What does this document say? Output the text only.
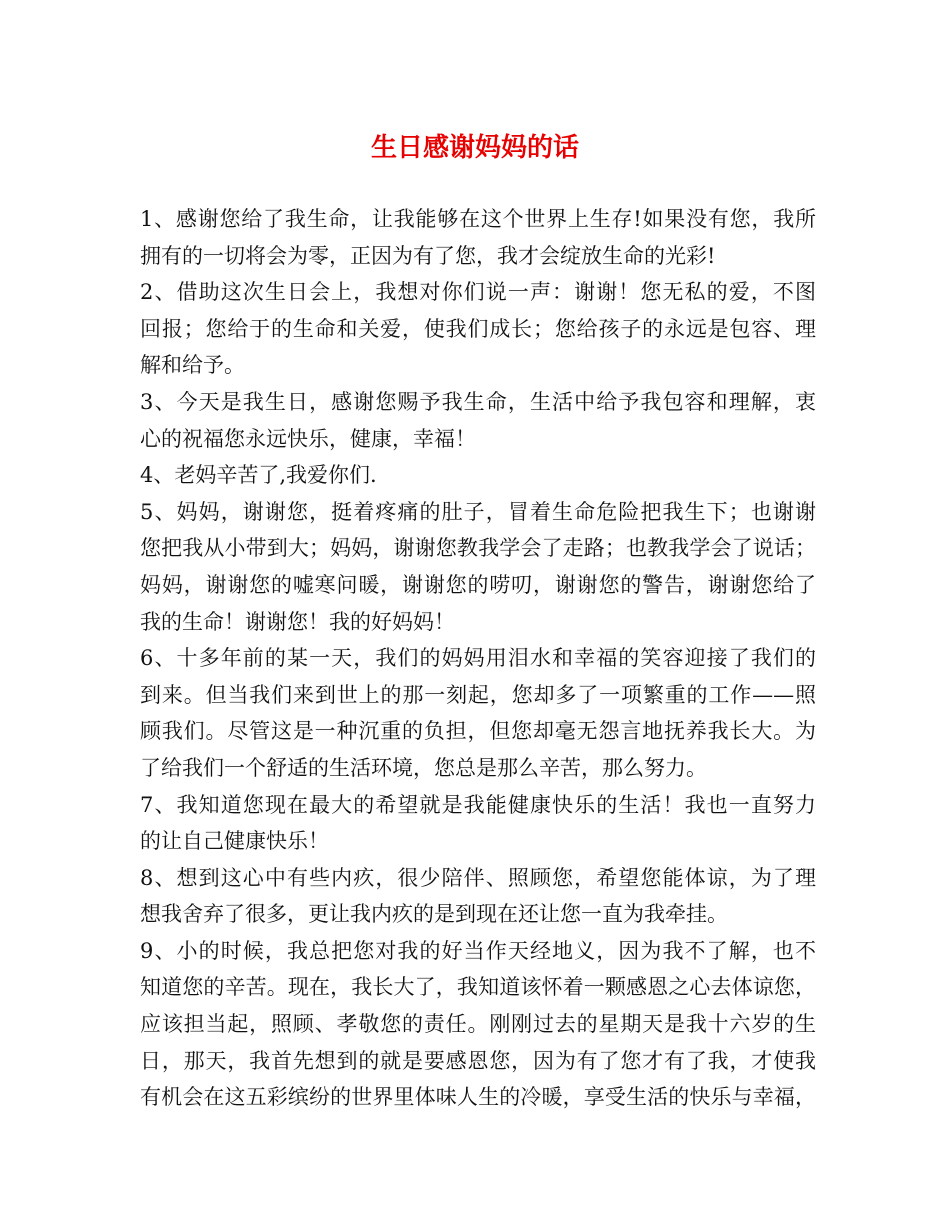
生日感谢妈妈的话
1、感谢您给了我生命，让我能够在这个世界上生存!如果没有您，我所
拥有的一切将会为零，正因为有了您，我才会绽放生命的光彩!
2、借助这次生日会上，我想对你们说一声：谢谢！您无私的爱，不图
回报；您给于的生命和关爱，使我们成长；您给孩子的永远是包容、理
解和给予。
3、今天是我生日，感谢您赐予我生命，生活中给予我包容和理解，衷
心的祝福您永远快乐，健康，幸福！
4、老妈辛苦了,我爱你们.
5、妈妈，谢谢您，挺着疼痛的肚子，冒着生命危险把我生下；也谢谢
您把我从小带到大；妈妈，谢谢您教我学会了走路；也教我学会了说话；
妈妈，谢谢您的嘘寒问暖，谢谢您的唠叨，谢谢您的警告，谢谢您给了
我的生命！谢谢您！我的好妈妈！
6、十多年前的某一天，我们的妈妈用泪水和幸福的笑容迎接了我们的
到来。但当我们来到世上的那一刻起，您却多了一项繁重的工作——照
顾我们。尽管这是一种沉重的负担，但您却毫无怨言地抚养我长大。为
了给我们一个舒适的生活环境，您总是那么辛苦，那么努力。
7、我知道您现在最大的希望就是我能健康快乐的生活！我也一直努力
的让自己健康快乐！
8、想到这心中有些内疚，很少陪伴、照顾您，希望您能体谅，为了理
想我舍弃了很多，更让我内疚的是到现在还让您一直为我牵挂。
9、小的时候，我总把您对我的好当作天经地义，因为我不了解，也不
知道您的辛苦。现在，我长大了，我知道该怀着一颗感恩之心去体谅您，
应该担当起，照顾、孝敬您的责任。刚刚过去的星期天是我十六岁的生
日，那天，我首先想到的就是要感恩您，因为有了您才有了我，才使我
有机会在这五彩缤纷的世界里体味人生的冷暖，享受生活的快乐与幸福，
